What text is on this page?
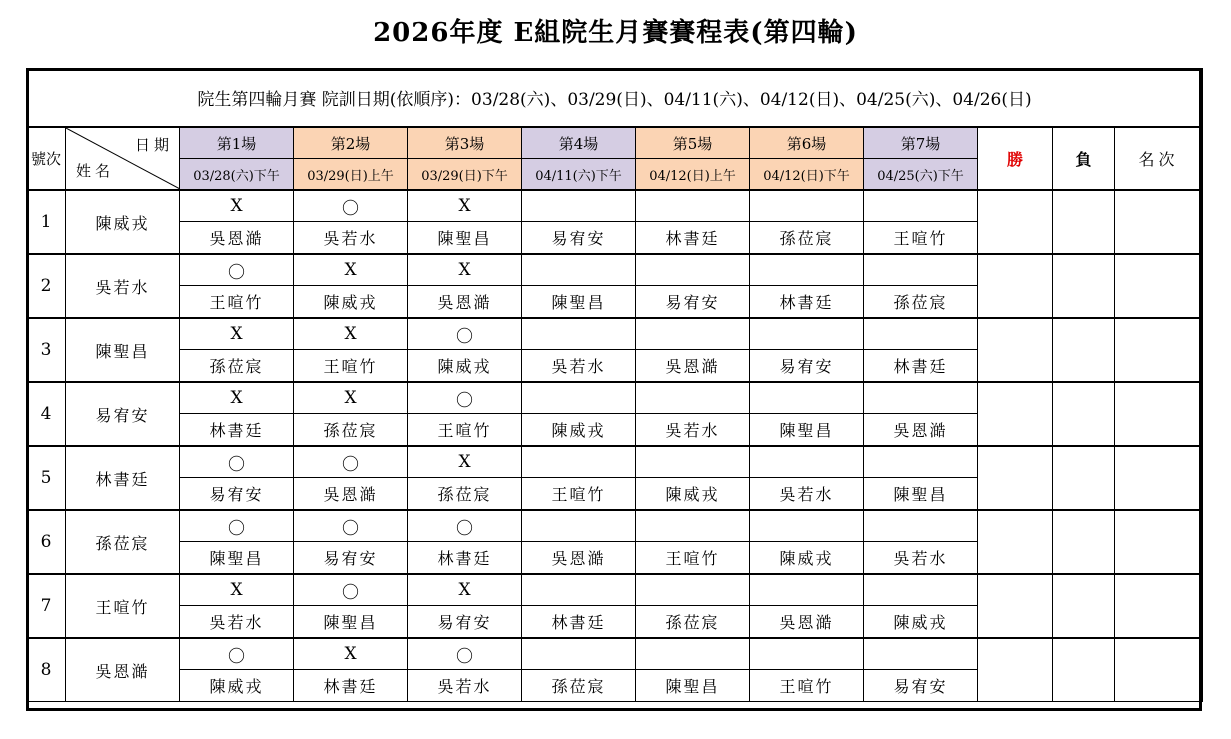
2026年度 E組院生月賽賽程表(第四輪)
院生第四輪月賽 院訓日期(依順序)：03/28(六)、03/29(日)、04/11(六)、04/12(日)、04/25(六)、04/26(日)											
號次	日期
姓名	第1場	第2場	第3場	第4場	第5場	第6場	第7場	勝	負	名次
		03/28(六)下午	03/29(日)上午	03/29(日)下午	04/11(六)下午	04/12(日)上午	04/12(日)下午	04/25(六)下午			
1	陳威戎	X	〇	X							
		吳恩澔	吳若水	陳聖昌	易宥安	林書廷	孫莅宸	王喧竹			
2	吳若水	〇	X	X							
		王喧竹	陳威戎	吳恩澔	陳聖昌	易宥安	林書廷	孫莅宸			
3	陳聖昌	X	X	〇							
		孫莅宸	王喧竹	陳威戎	吳若水	吳恩澔	易宥安	林書廷			
4	易宥安	X	X	〇							
		林書廷	孫莅宸	王喧竹	陳威戎	吳若水	陳聖昌	吳恩澔			
5	林書廷	〇	〇	X							
		易宥安	吳恩澔	孫莅宸	王喧竹	陳威戎	吳若水	陳聖昌			
6	孫莅宸	〇	〇	〇							
		陳聖昌	易宥安	林書廷	吳恩澔	王喧竹	陳威戎	吳若水			
7	王喧竹	X	〇	X							
		吳若水	陳聖昌	易宥安	林書廷	孫莅宸	吳恩澔	陳威戎			
8	吳恩澔	〇	X	〇							
		陳威戎	林書廷	吳若水	孫莅宸	陳聖昌	王喧竹	易宥安			
